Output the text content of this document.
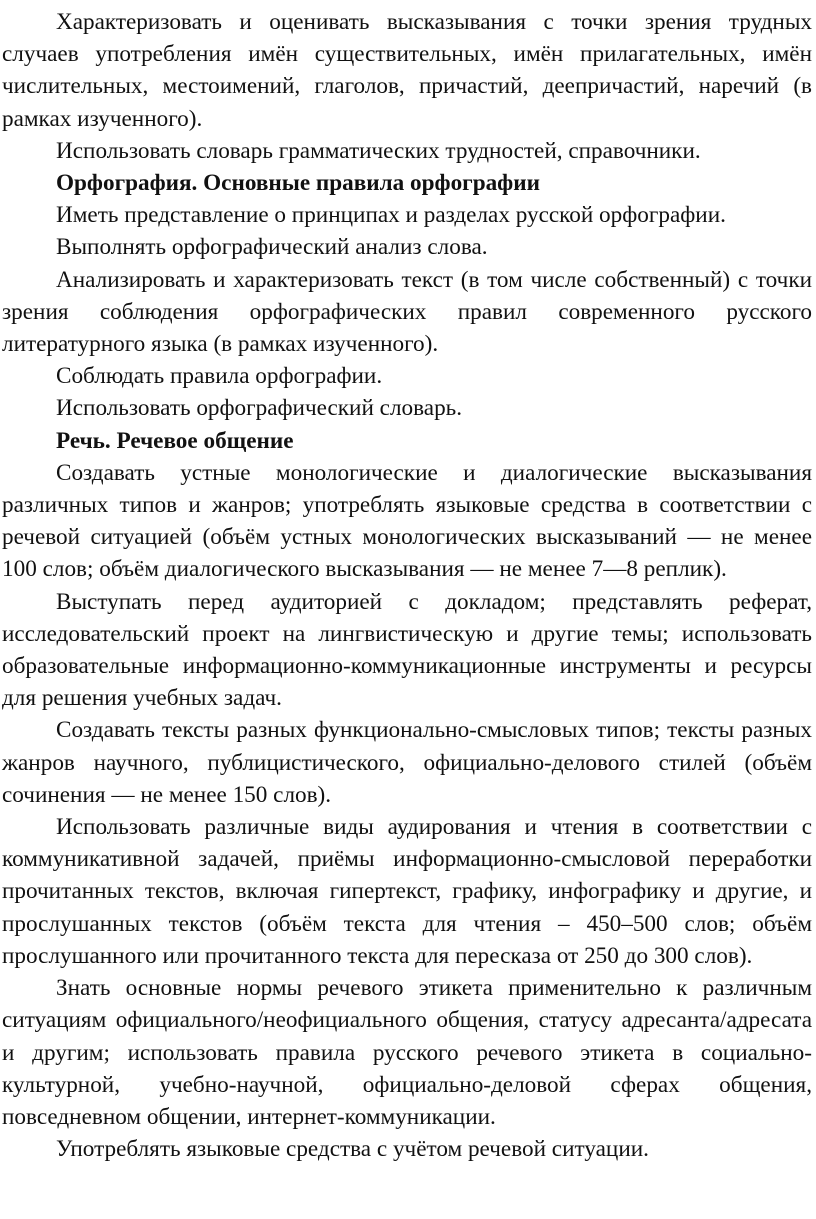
Характеризовать и оценивать высказывания с точки зрения трудных случаев употребления имён существительных, имён прилагательных, имён числительных, местоимений, глаголов, причастий, деепричастий, наречий (в рамках изученного).

Использовать словарь грамматических трудностей, справочники.

Орфография. Основные правила орфографии

Иметь представление о принципах и разделах русской орфографии.

Выполнять орфографический анализ слова.

Анализировать и характеризовать текст (в том числе собственный) с точки зрения соблюдения орфографических правил современного русского литературного языка (в рамках изученного).

Соблюдать правила орфографии.

Использовать орфографический словарь.

Речь. Речевое общение

Создавать устные монологические и диалогические высказывания различных типов и жанров; употреблять языковые средства в соответствии с речевой ситуацией (объём устных монологических высказываний — не менее 100 слов; объём диалогического высказывания — не менее 7—8 реплик).

Выступать перед аудиторией с докладом; представлять реферат, исследовательский проект на лингвистическую и другие темы; использовать образовательные информационно-коммуникационные инструменты и ресурсы для решения учебных задач.

Создавать тексты разных функционально-смысловых типов; тексты разных жанров научного, публицистического, официально-делового стилей (объём сочинения — не менее 150 слов).

Использовать различные виды аудирования и чтения в соответствии с коммуникативной задачей, приёмы информационно-смысловой переработки прочитанных текстов, включая гипертекст, графику, инфографику и другие, и прослушанных текстов (объём текста для чтения – 450–500 слов; объём прослушанного или прочитанного текста для пересказа от 250 до 300 слов).

Знать основные нормы речевого этикета применительно к различным ситуациям официального/неофициального общения, статусу адресанта/адресата и другим; использовать правила русского речевого этикета в социально-культурной, учебно-научной, официально-деловой сферах общения, повседневном общении, интернет-коммуникации.

Употреблять языковые средства с учётом речевой ситуации.
